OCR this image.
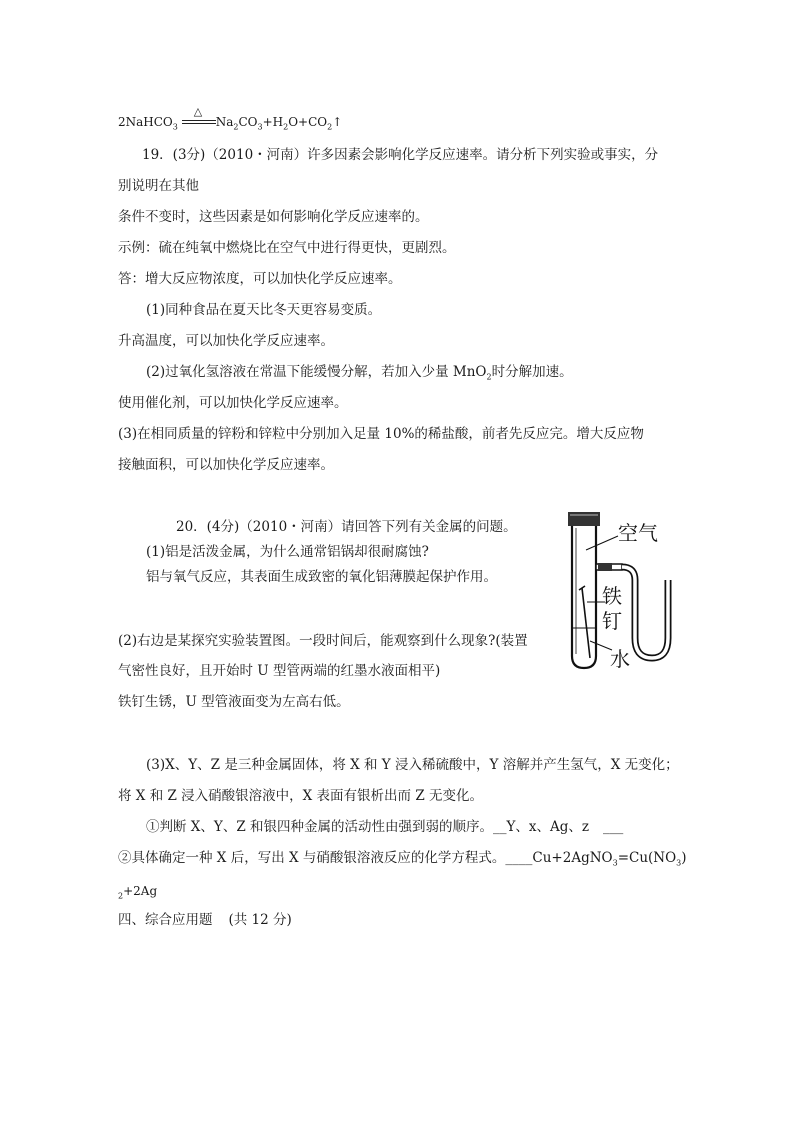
2NaHCO$_3$
△
$Na_2CO_3+H_2O+CO_2↑$
19．(3分)（2010・河南）许多因素会影响化学反应速率。请分析下列实验或事实，分
别说明在其他
条件不变时，这些因素是如何影响化学反应速率的。
示例：硫在纯氧中燃烧比在空气中进行得更快，更剧烈。
答：增大反应物浓度，可以加快化学反应速率。
(1)同种食品在夏天比冬天更容易变质。
升高温度，可以加快化学反应速率。
(2)过氧化氢溶液在常温下能缓慢分解，若加入少量 MnO$_2$时分解加速。
使用催化剂，可以加快化学反应速率。
(3)在相同质量的锌粉和锌粒中分别加入足量 10%的稀盐酸，前者先反应完。增大反应物
接触面积，可以加快化学反应速率。
20．(4分)（2010・河南）请回答下列有关金属的问题。
(1)铝是活泼金属，为什么通常铝锅却很耐腐蚀?
铝与氧气反应，其表面生成致密的氧化铝薄膜起保护作用。
(2)右边是某探究实验装置图。一段时间后，能观察到什么现象?(装置
气密性良好，且开始时 U 型管两端的红墨水液面相平)
铁钉生锈，U 型管液面变为左高右低。
(3)X、Y、Z 是三种金属固体，将 X 和 Y 浸入稀硫酸中，Y 溶解并产生氢气，X 无变化；
将 X 和 Z 浸入硝酸银溶液中，X 表面有银析出而 Z 无变化。
①判断 X、Y、Z 和银四种金属的活动性由强到弱的顺序。__Y、x、Ag、z ___
②具体确定一种 X 后，写出 X 与硝酸银溶液反应的化学方程式。$\_\_\_\_Cu+2AgNO_3=Cu(NO_3)$
$_2$+2Ag
四、综合应用题 (共 12 分)
空气
铁
钉
水
